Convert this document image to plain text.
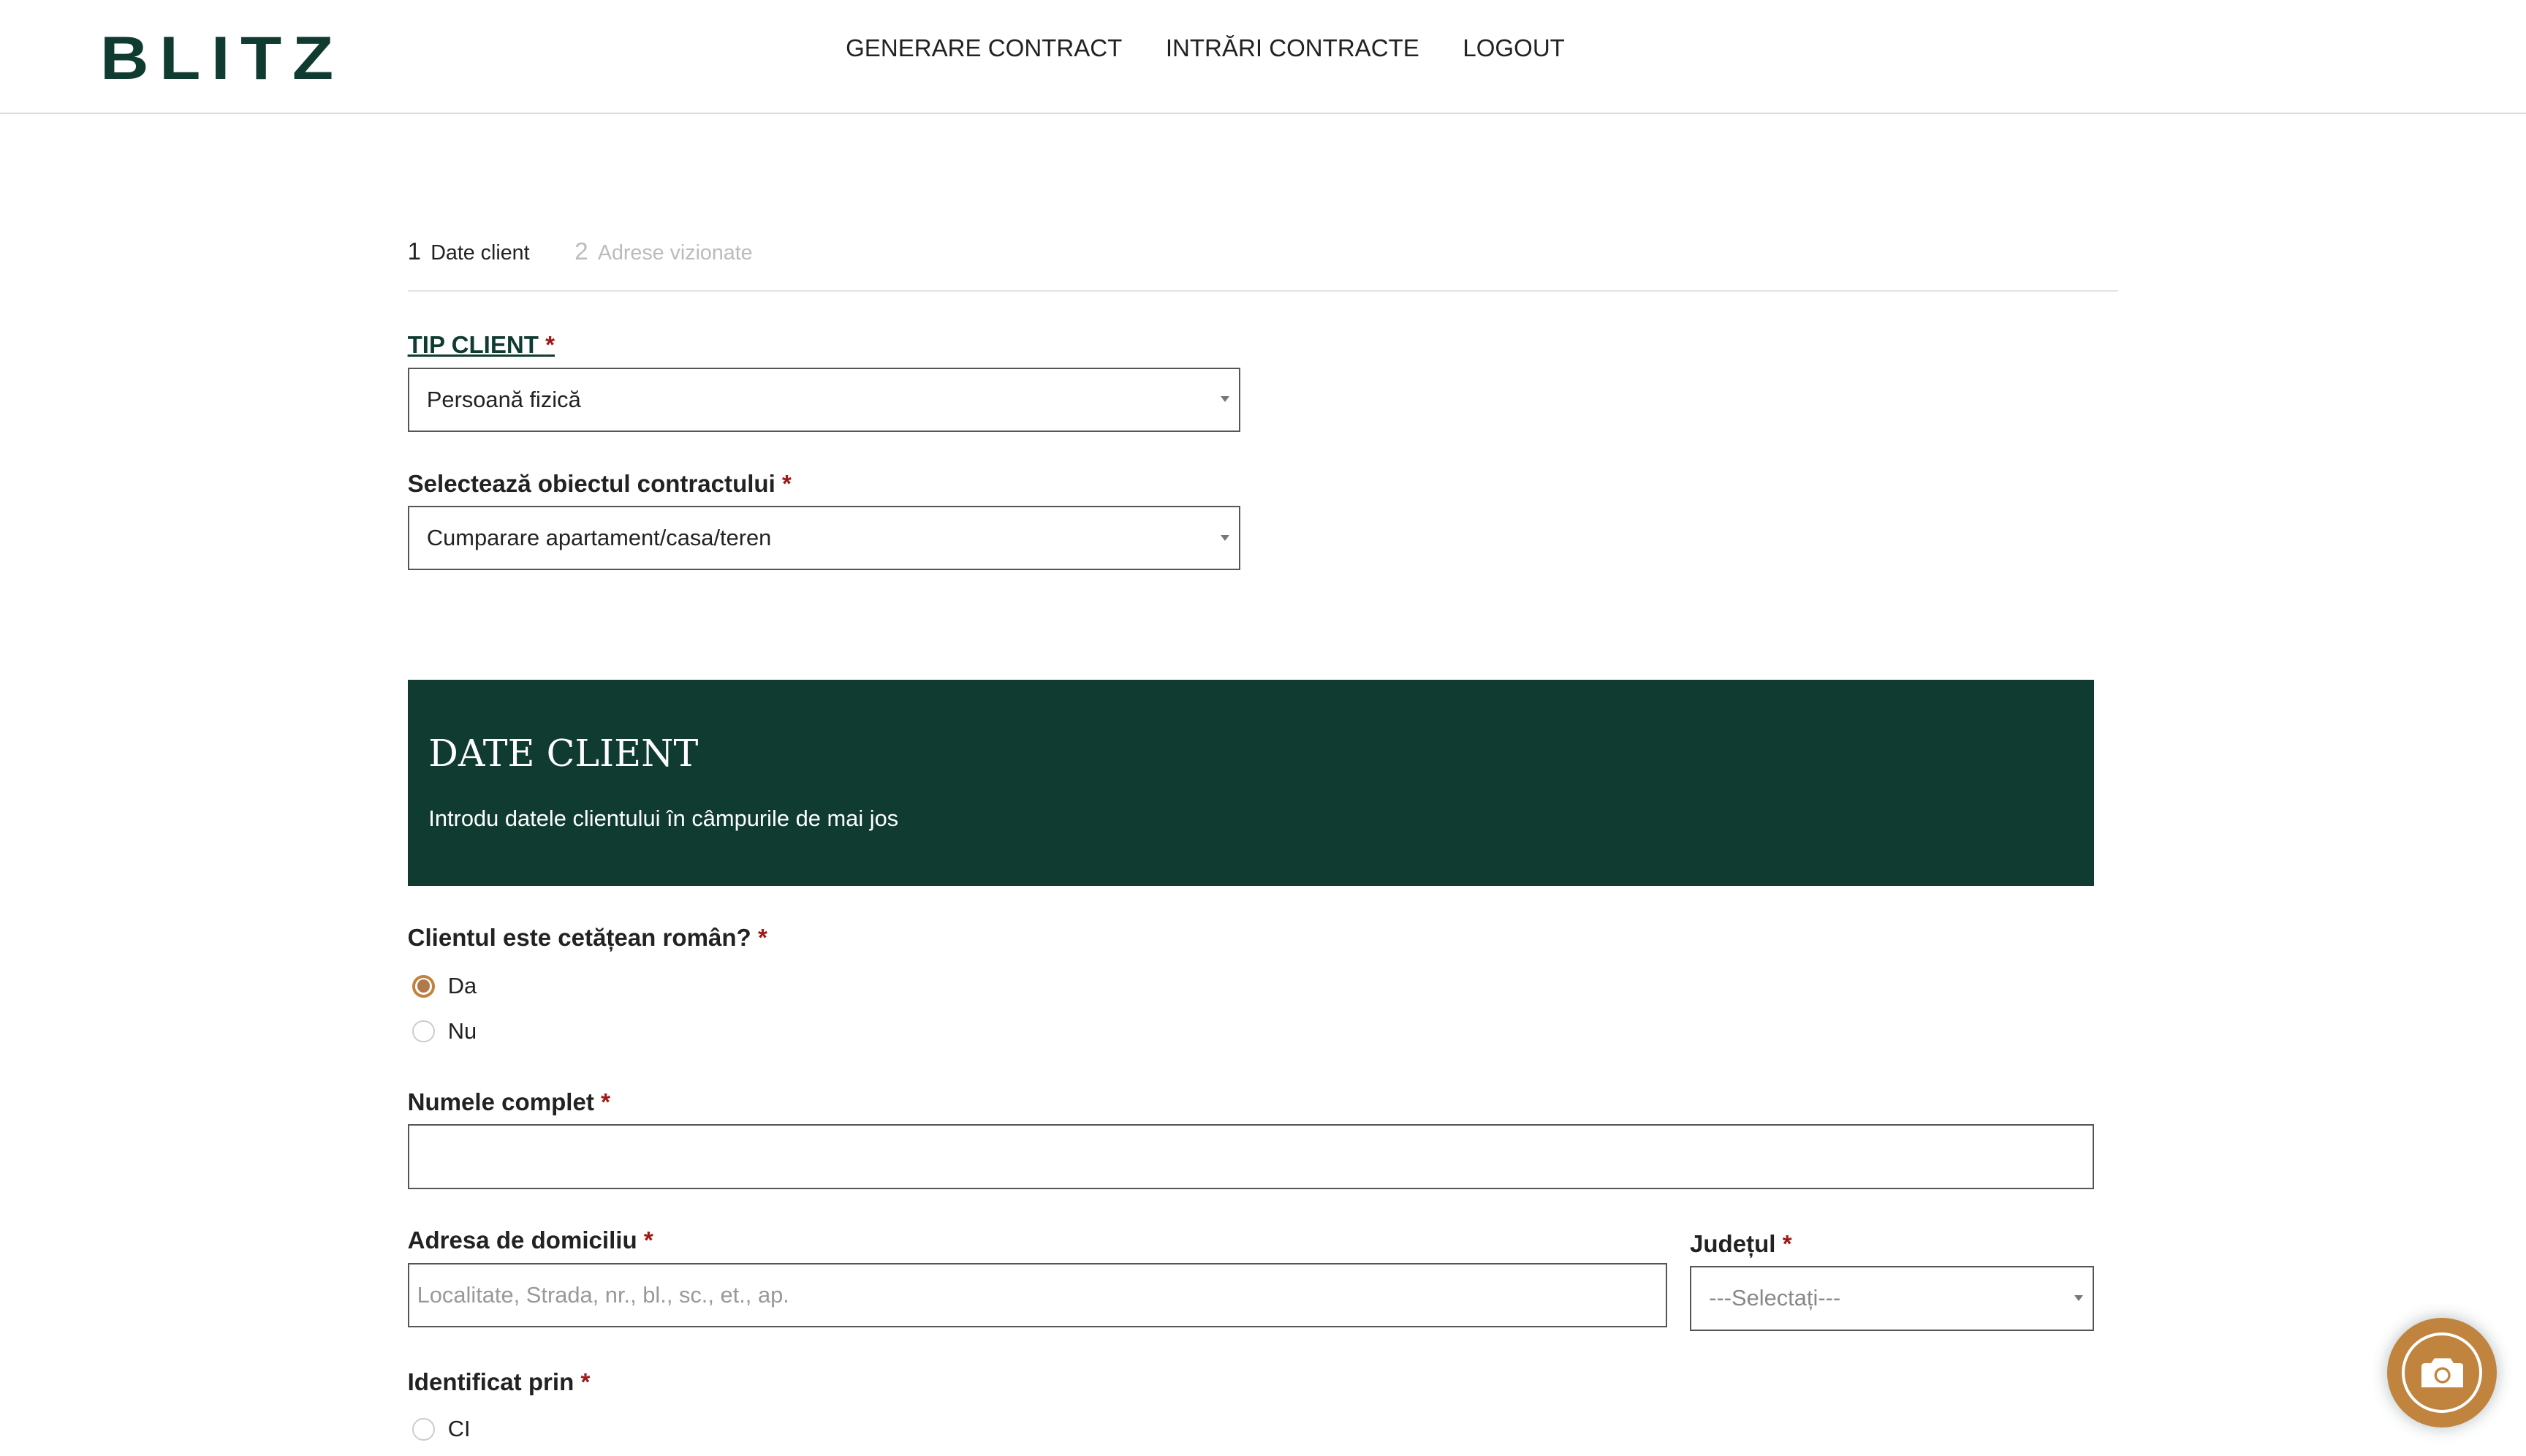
BLITZ	GENERARE CONTRACT	INTRĂRI CONTRACTE	LOGOUT
1 Date client	2 Adrese vizionate
TIP CLIENT *
Persoană fizică
Selectează obiectul contractului *
Cumparare apartament/casa/teren
DATE CLIENT

Introdu datele clientului în câmpurile de mai jos

Clientul este cetățean român? *
Da
Nu
Numele complet *
Adresa de domiciliu *
Localitate, Strada, nr., bl., sc., et., ap.
Județul *
---Selectați---
Identificat prin *
CI
